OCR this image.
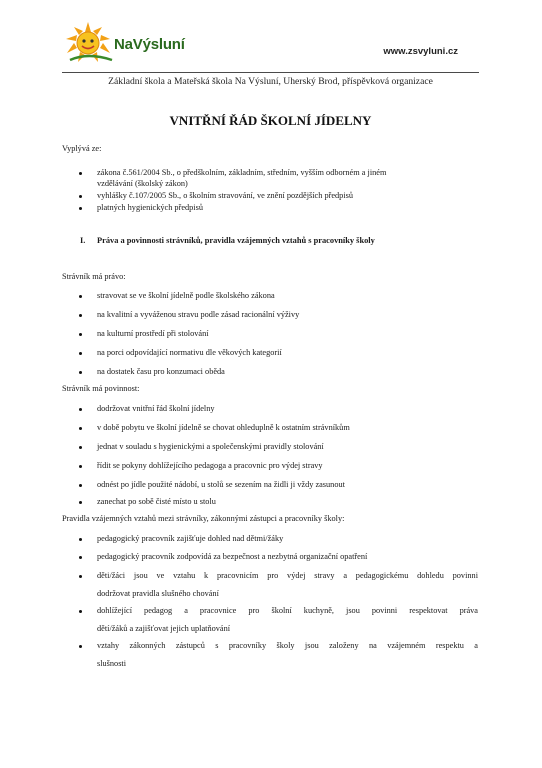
NaVýsluní	www.zsvyluni.cz
Základní škola a Mateřská škola Na Výsluní, Uherský Brod, příspěvková organizace
VNITŘNÍ ŘÁD ŠKOLNÍ JÍDELNY
Vyplývá ze:
zákona č.561/2004 Sb., o předškolním, základním, středním, vyšším odborném a jiném
vzdělávání (školský zákon)
vyhlášky č.107/2005 Sb., o školním stravování, ve znění pozdějších předpisů
platných hygienických předpisů
I. Práva a povinnosti strávníků, pravidla vzájemných vztahů s pracovníky školy
Strávník má právo:
stravovat se ve školní jídelně podle školského zákona
na kvalitní a vyváženou stravu podle zásad racionální výživy
na kulturní prostředí při stolování
na porci odpovídající normativu dle věkových kategorií
na dostatek času pro konzumaci oběda
Strávník má povinnost:
dodržovat vnitřní řád školní jídelny
v době pobytu ve školní jídelně se chovat ohleduplně k ostatním strávníkům
jednat v souladu s hygienickými a společenskými pravidly stolování
řídit se pokyny dohlížejícího pedagoga a pracovnic pro výdej stravy
odnést po jídle použité nádobí, u stolů se sezením na židli ji vždy zasunout
zanechat po sobě čisté místo u stolu
Pravidla vzájemných vztahů mezi strávníky, zákonnými zástupci a pracovníky školy:
pedagogický pracovník zajišťuje dohled nad dětmi/žáky
pedagogický pracovník zodpovídá za bezpečnost a nezbytná organizační opatření
děti/žáci jsou ve vztahu k pracovnicím pro výdej stravy a pedagogickému dohledu povinni
dodržovat pravidla slušného chování
dohlížející pedagog a pracovnice pro školní kuchyně, jsou povinni respektovat práva
dětí/žáků a zajišťovat jejich uplatňování
vztahy zákonných zástupců s pracovníky školy jsou založeny na vzájemném respektu a
slušnosti
